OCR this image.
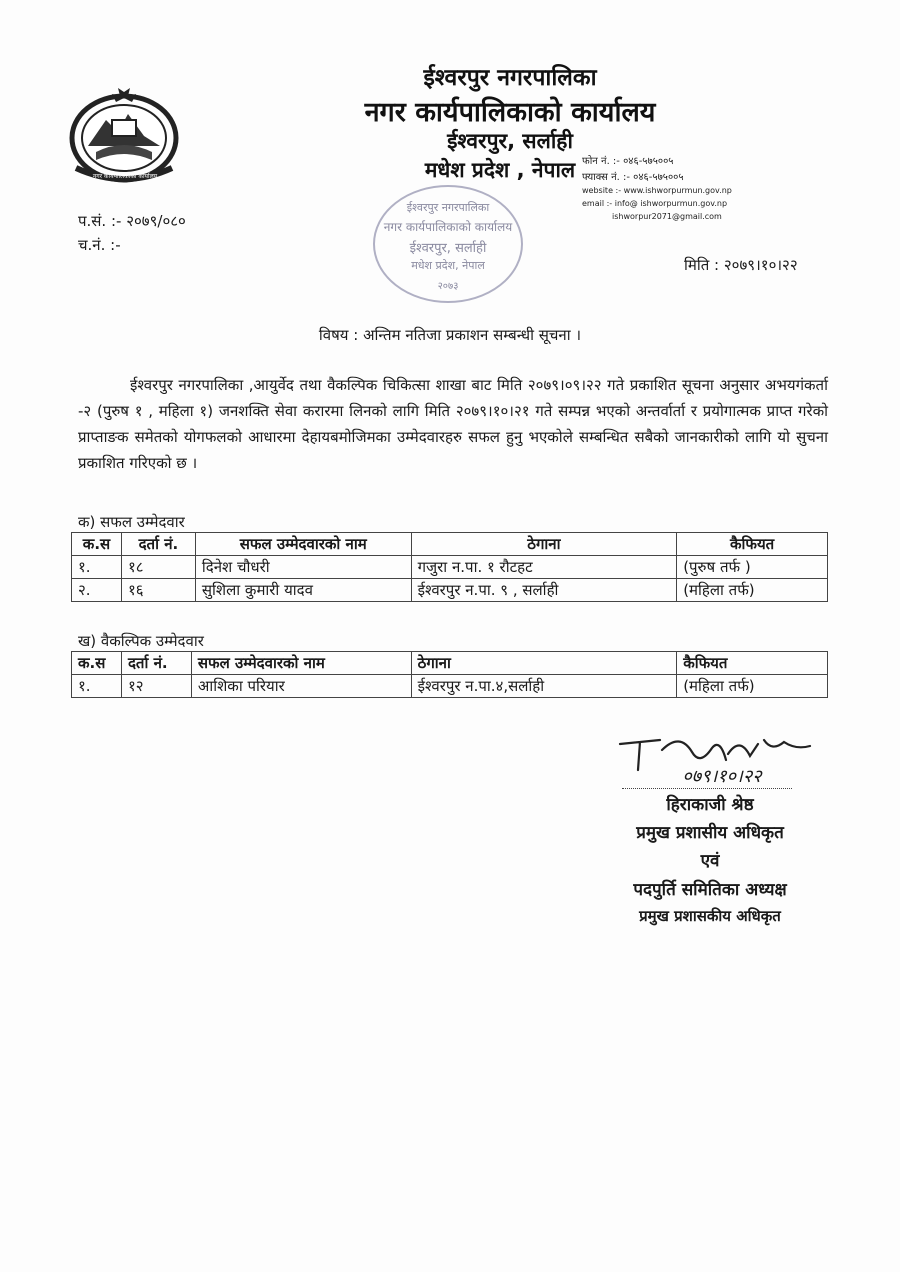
नगर कार्यपालिकाको कार्यालय
ईश्वरपुर नगरपालिका
नगर कार्यपालिकाको कार्यालय
ईश्वरपुर, सर्लाही
मधेश प्रदेश , नेपाल फोन नं. :- ०४६-५७५००५
फ्याक्स नं. :- ०४६-५७५००५
website :- www.ishworpurmun.gov.np
email :- info@ ishworpurmun.gov.np
ishworpur2071@gmail.com
ईश्वरपुर नगरपालिका
नगर कार्यपालिकाको कार्यालय
ईश्वरपुर, सर्लाही
मधेश प्रदेश, नेपाल
२०७३
प.सं. :- २०७९/०८०
च.नं. :-
मिति : २०७९।१०।२२
विषय : अन्तिम नतिजा प्रकाशन सम्बन्धी सूचना ।
ईश्वरपुर नगरपालिका ,आयुर्वेद तथा वैकल्पिक चिकित्सा शाखा बाट मिति २०७९।०९।२२ गते प्रकाशित सूचना अनुसार अभयगंकर्ता -२ (पुरुष १ , महिला १) जनशक्ति सेवा करारमा लिनको लागि मिति २०७९।१०।२१ गते सम्पन्न भएको अन्तर्वार्ता र प्रयोगात्मक प्राप्त गरेको प्राप्ताङक समेतको योगफलको आधारमा देहायबमोजिमका उम्मेदवारहरु सफल हुनु भएकोले सम्बन्धित सबैको जानकारीको लागि यो सुचना प्रकाशित गरिएको छ ।
क) सफल उम्मेदवार
क.स	दर्ता नं.	सफल उम्मेदवारको नाम	ठेगाना	कैफियत
१.	१८	दिनेश चौधरी	गजुरा न.पा. १ रौटहट	(पुरुष तर्फ )
२.	१६	सुशिला कुमारी यादव	ईश्वरपुर न.पा. ९ , सर्लाही	(महिला तर्फ)
ख) वैकल्पिक उम्मेदवार
क.स	दर्ता नं.	सफल उम्मेदवारको नाम	ठेगाना	कैफियत
१.	१२	आशिका परियार	ईश्वरपुर न.पा.४,सर्लाही	(महिला तर्फ)
०७९।१०।२२
हिराकाजी श्रेष्ठ
प्रमुख प्रशासीय अधिकृत
एवं
पदपुर्ति समितिका अध्यक्ष
प्रमुख प्रशासकीय अधिकृत
